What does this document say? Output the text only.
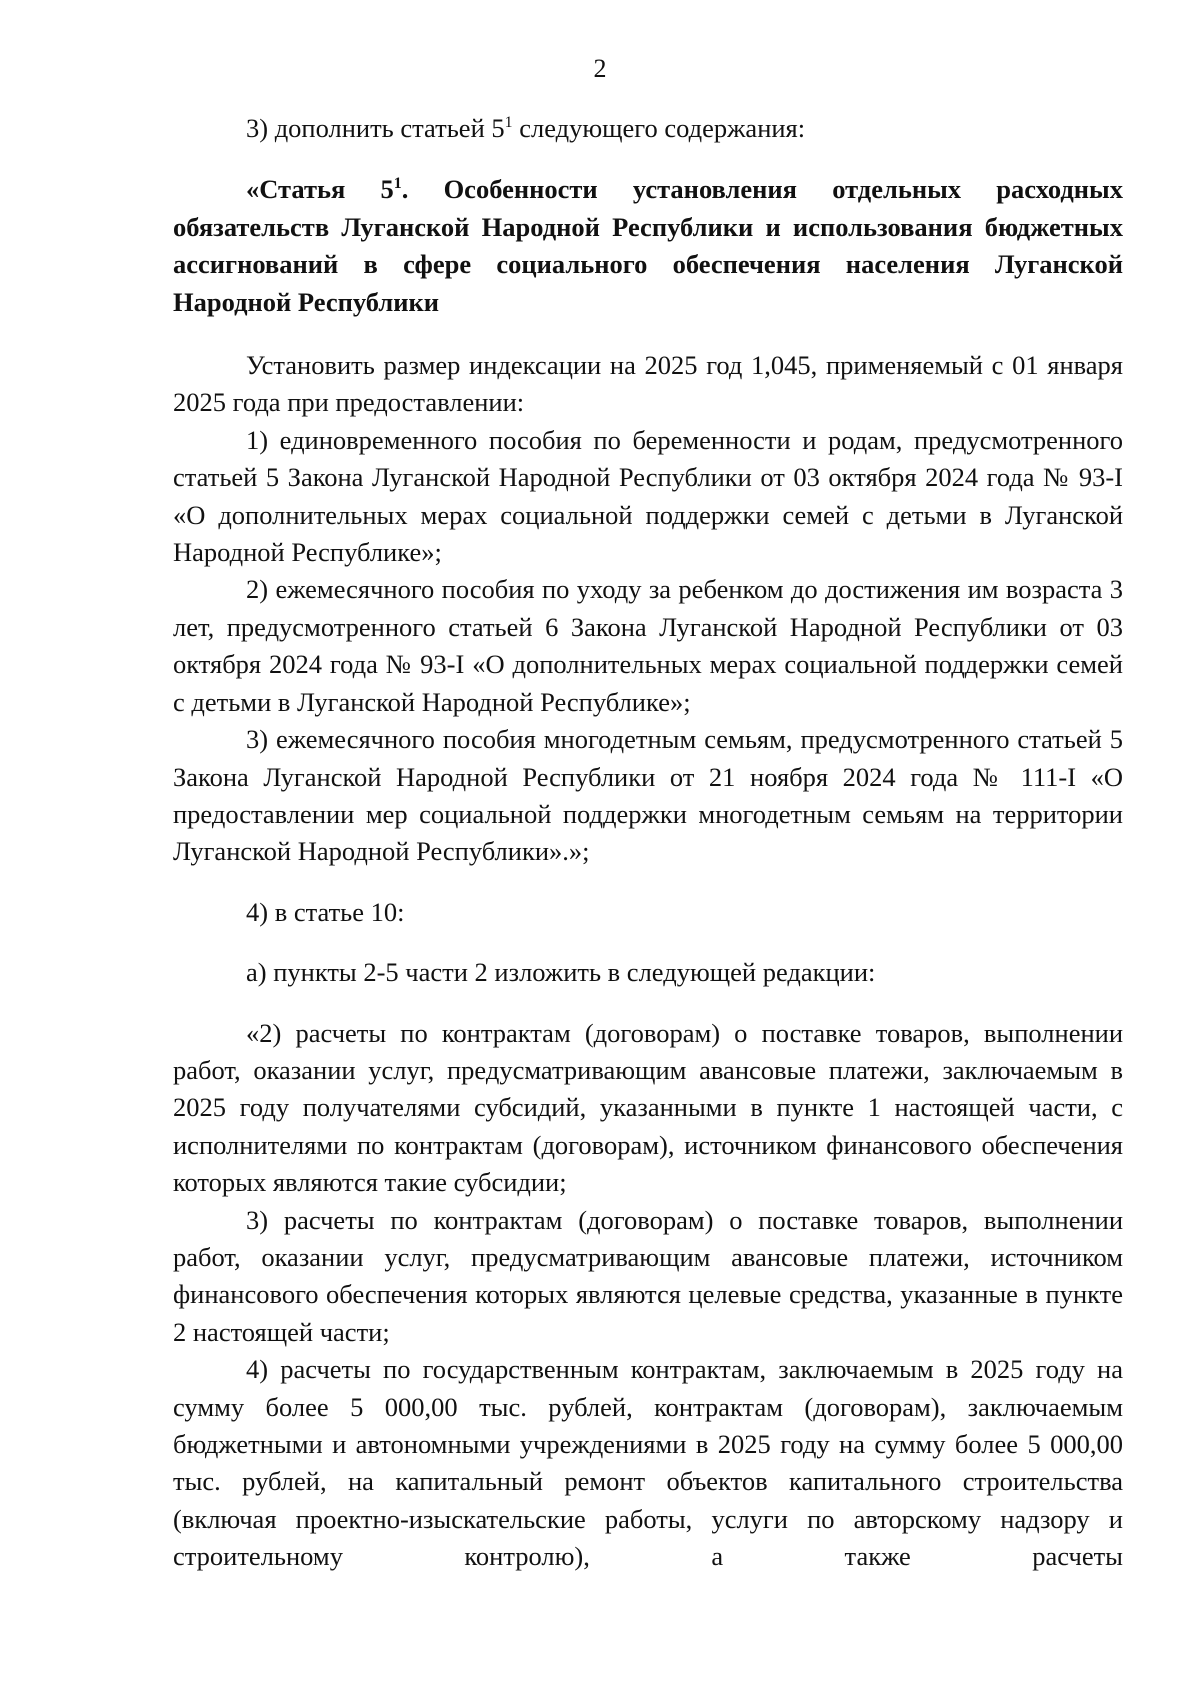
2

3) дополнить статьей $5^1$ следующего содержания:

«Статья $5^1$. Особенности установления отдельных расходных обязательств Луганской Народной Республики и использования бюджетных ассигнований в сфере социального обеспечения населения Луганской Народной Республики

Установить размер индексации на 2025 год 1,045, применяемый с 01 января 2025 года при предоставлении:

1) единовременного пособия по беременности и родам, предусмотренного статьей 5 Закона Луганской Народной Республики от 03 октября 2024 года № 93-I «О дополнительных мерах социальной поддержки семей с детьми в Луганской Народной Республике»;

2) ежемесячного пособия по уходу за ребенком до достижения им возраста 3 лет, предусмотренного статьей 6 Закона Луганской Народной Республики от 03 октября 2024 года № 93-I «О дополнительных мерах социальной поддержки семей с детьми в Луганской Народной Республике»;

3) ежемесячного пособия многодетным семьям, предусмотренного статьей 5 Закона Луганской Народной Республики от 21 ноября 2024 года № 111-I «О предоставлении мер социальной поддержки многодетным семьям на территории Луганской Народной Республики».»;

4) в статье 10:

а) пункты 2-5 части 2 изложить в следующей редакции:

«2) расчеты по контрактам (договорам) о поставке товаров, выполнении работ, оказании услуг, предусматривающим авансовые платежи, заключаемым в 2025 году получателями субсидий, указанными в пункте 1 настоящей части, с исполнителями по контрактам (договорам), источником финансового обеспечения которых являются такие субсидии;

3) расчеты по контрактам (договорам) о поставке товаров, выполнении работ, оказании услуг, предусматривающим авансовые платежи, источником финансового обеспечения которых являются целевые средства, указанные в пункте 2 настоящей части;

4) расчеты по государственным контрактам, заключаемым в 2025 году на сумму более 5 000,00 тыс. рублей, контрактам (договорам), заключаемым бюджетными и автономными учреждениями в 2025 году на сумму более 5 000,00 тыс. рублей, на капитальный ремонт объектов капитального строительства (включая проектно-изыскательские работы, услуги по авторскому надзору и строительному контролю), а также расчеты
